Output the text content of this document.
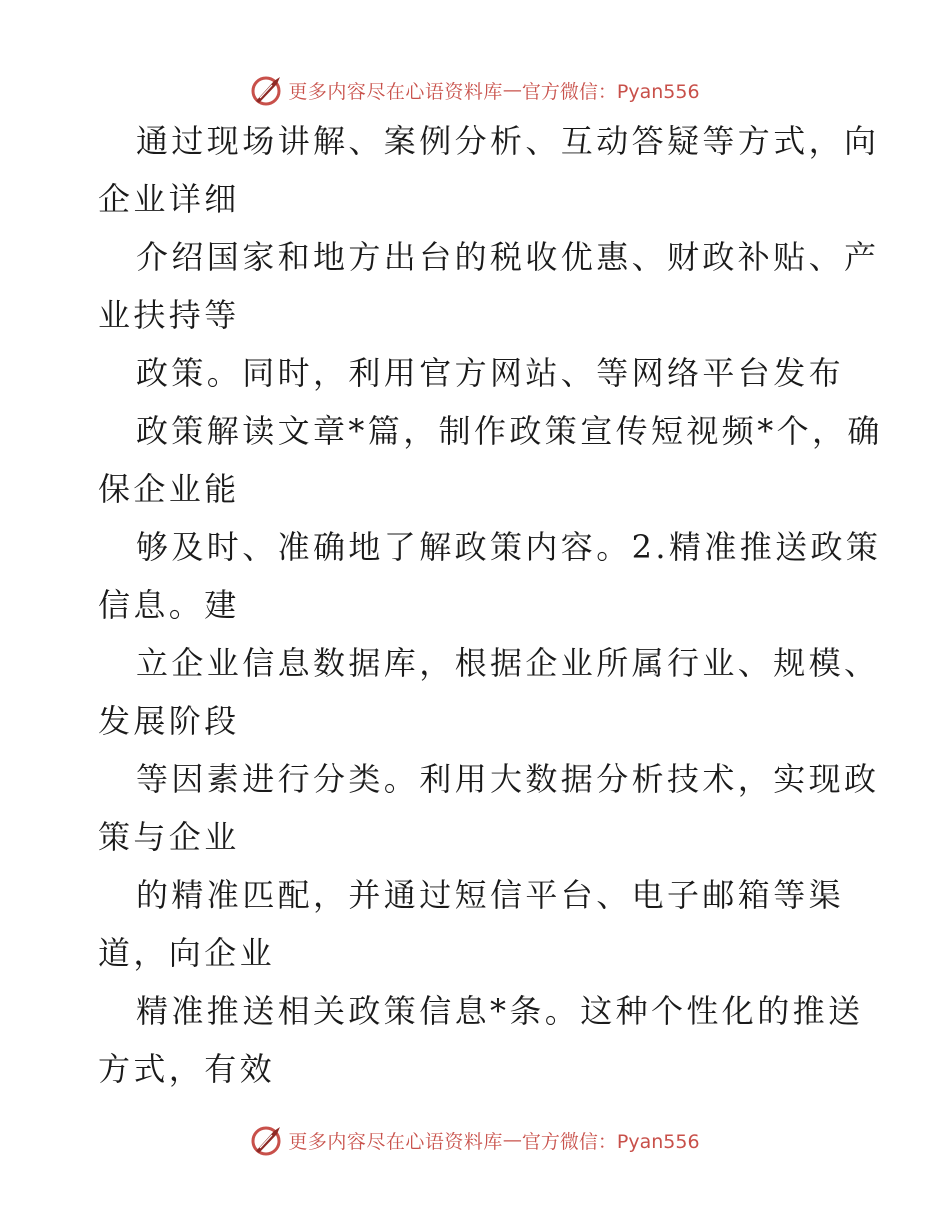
更多内容尽在心语资料库 — 官方微信：Pyan556
通过现场讲解、案例分析、互动答疑等方式，向
企业详细
介绍国家和地方出台的税收优惠、财政补贴、产
业扶持等
政策。同时，利用官方网站、等网络平台发布
政策解读文章*篇，制作政策宣传短视频*个，确
保企业能
够及时、准确地了解政策内容。2.精准推送政策
信息。建
立企业信息数据库，根据企业所属行业、规模、
发展阶段
等因素进行分类。利用大数据分析技术，实现政
策与企业
的精准匹配，并通过短信平台、电子邮箱等渠
道，向企业
精准推送相关政策信息*条。这种个性化的推送
方式，有效
更多内容尽在心语资料库 — 官方微信：Pyan556
